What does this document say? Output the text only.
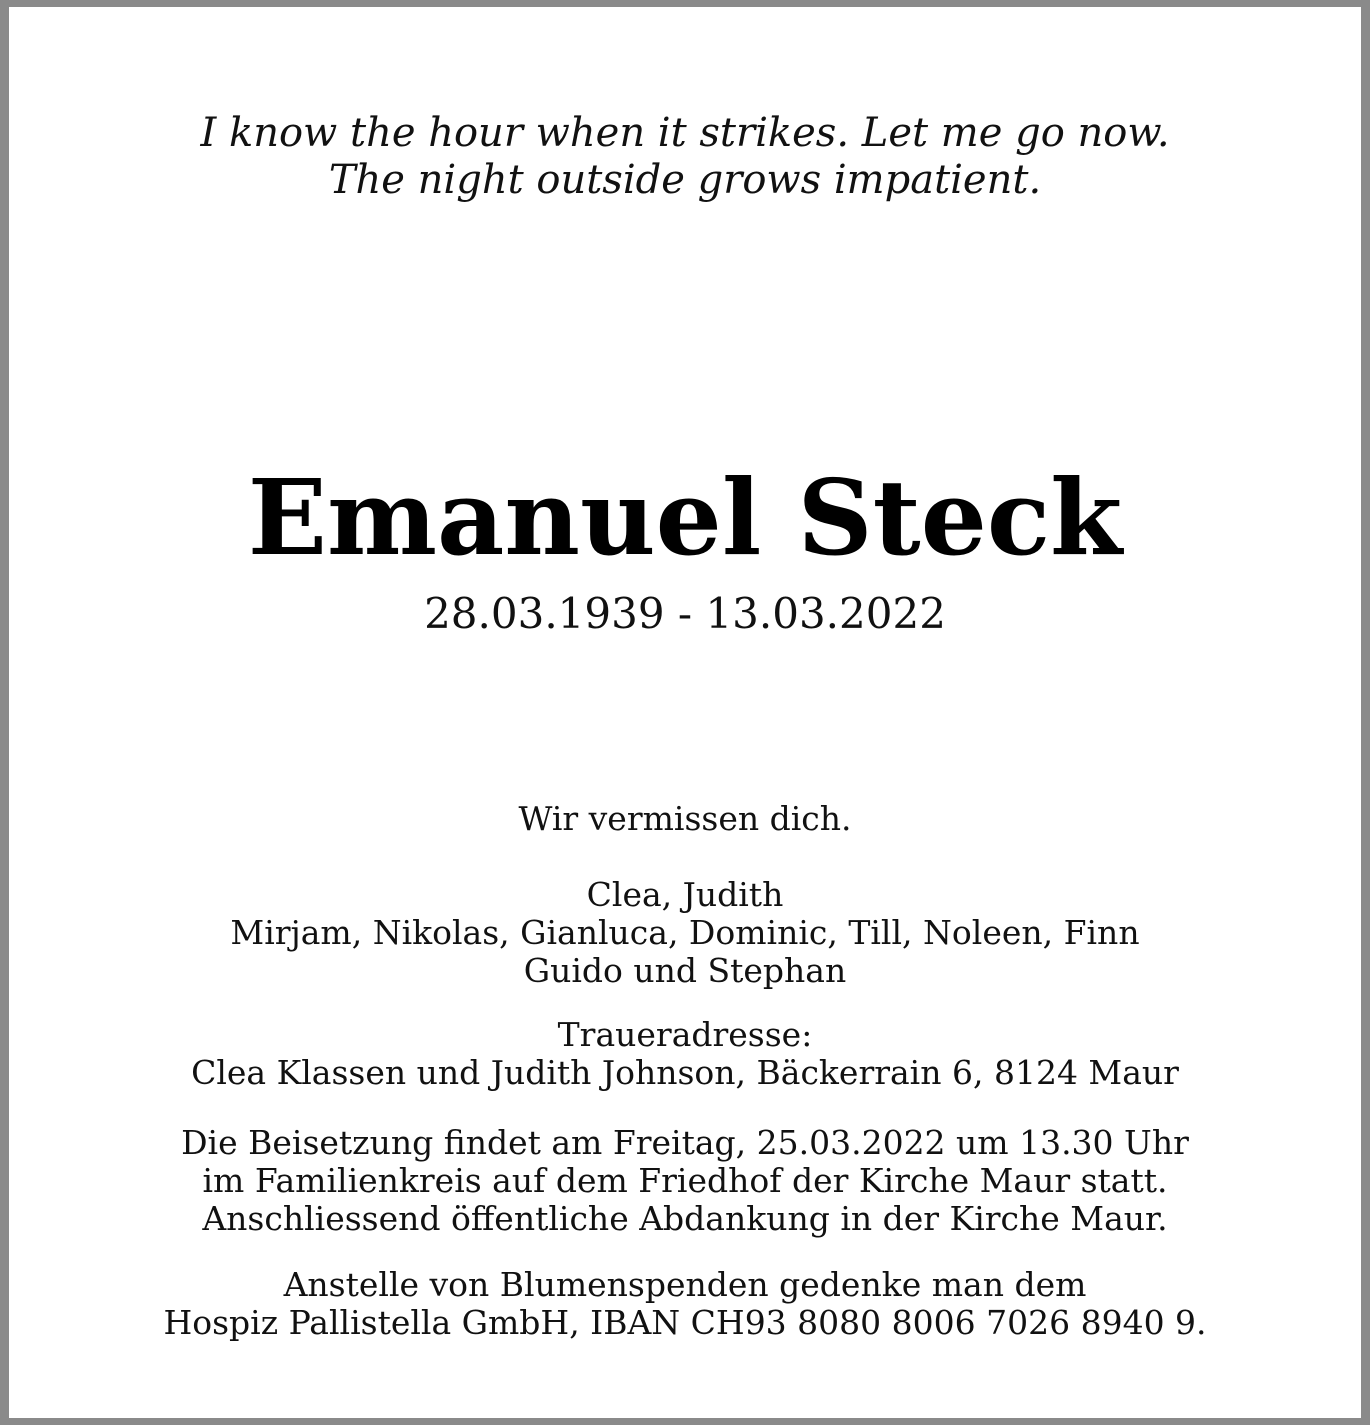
I know the hour when it strikes. Let me go now.
The night outside grows impatient.
Emanuel Steck
28.03.1939 - 13.03.2022
Wir vermissen dich.
Clea, Judith
Mirjam, Nikolas, Gianluca, Dominic, Till, Noleen, Finn
Guido und Stephan
Traueradresse:
Clea Klassen und Judith Johnson, Bäckerrain 6, 8124 Maur
Die Beisetzung findet am Freitag, 25.03.2022 um 13.30 Uhr
im Familienkreis auf dem Friedhof der Kirche Maur statt.
Anschliessend öffentliche Abdankung in der Kirche Maur.
Anstelle von Blumenspenden gedenke man dem
Hospiz Pallistella GmbH, IBAN CH93 8080 8006 7026 8940 9.
